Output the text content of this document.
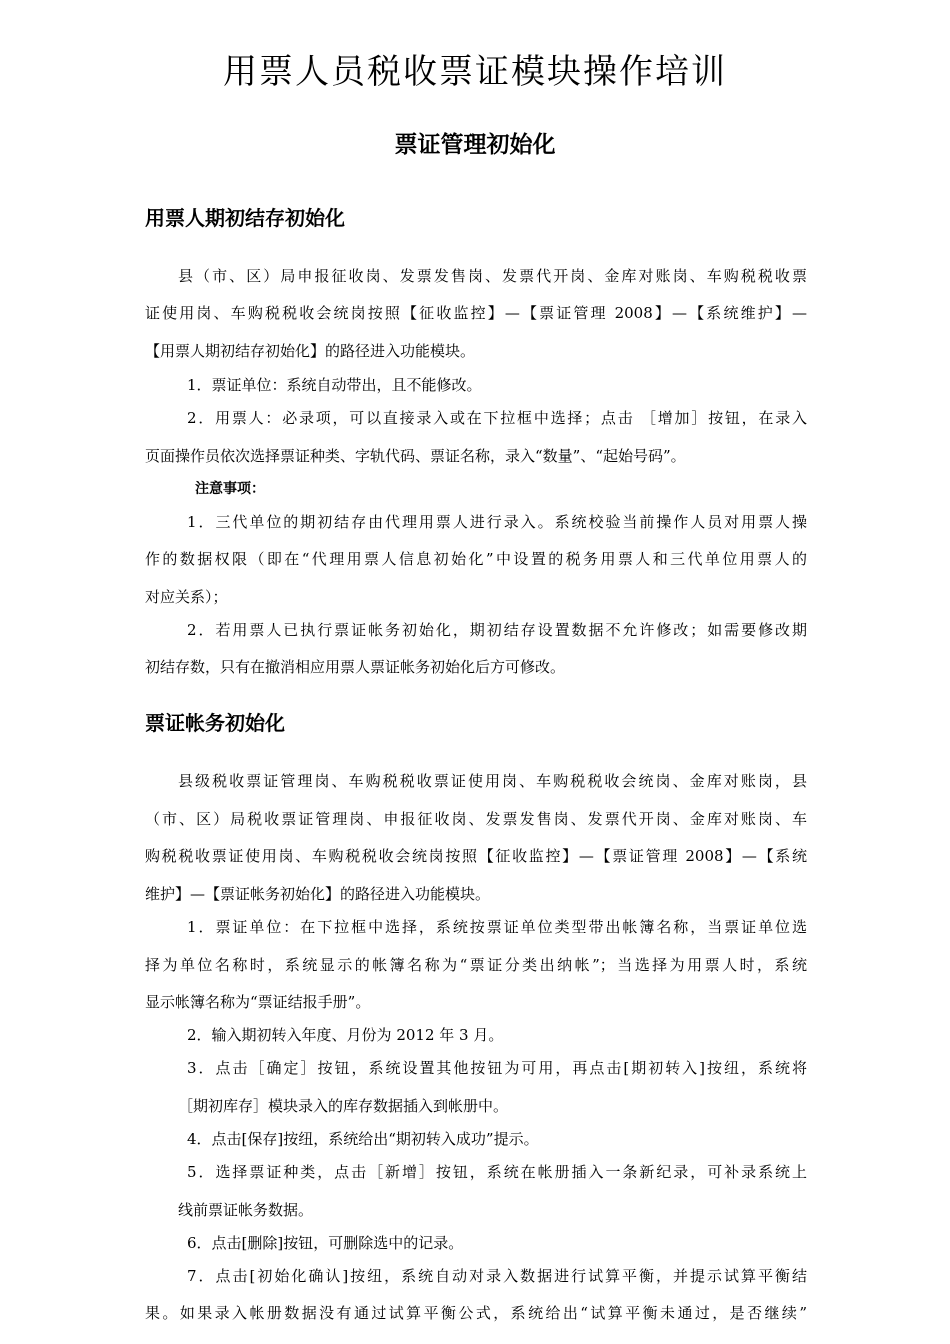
用票人员税收票证模块操作培训
票证管理初始化
用票人期初结存初始化
县（市、区）局申报征收岗、发票发售岗、发票代开岗、金库对账岗、车购税税收票
证使用岗、车购税税收会统岗按照【征收监控】—【票证管理 2008】—【系统维护】—
【用票人期初结存初始化】的路径进入功能模块。
1．票证单位：系统自动带出，且不能修改。
2．用票人：必录项，可以直接录入或在下拉框中选择；点击 ［增加］按钮，在录入
页面操作员依次选择票证种类、字轨代码、票证名称，录入“数量”、“起始号码”。
注意事项：
1．三代单位的期初结存由代理用票人进行录入。系统校验当前操作人员对用票人操
作的数据权限（即在“代理用票人信息初始化”中设置的税务用票人和三代单位用票人的
对应关系）；
2．若用票人已执行票证帐务初始化，期初结存设置数据不允许修改；如需要修改期
初结存数，只有在撤消相应用票人票证帐务初始化后方可修改。
票证帐务初始化
县级税收票证管理岗、车购税税收票证使用岗、车购税税收会统岗、金库对账岗，县
（市、区）局税收票证管理岗、申报征收岗、发票发售岗、发票代开岗、金库对账岗、车
购税税收票证使用岗、车购税税收会统岗按照【征收监控】—【票证管理 2008】—【系统
维护】—【票证帐务初始化】的路径进入功能模块。
1．票证单位：在下拉框中选择，系统按票证单位类型带出帐簿名称，当票证单位选
择为单位名称时，系统显示的帐簿名称为“票证分类出纳帐”；当选择为用票人时，系统
显示帐簿名称为“票证结报手册”。
2．输入期初转入年度、月份为 2012 年 3 月。
3．点击［确定］按钮，系统设置其他按钮为可用，再点击[期初转入]按纽，系统将
［期初库存］模块录入的库存数据插入到帐册中。
4．点击[保存]按纽，系统给出“期初转入成功”提示。
5．选择票证种类，点击［新增］按钮，系统在帐册插入一条新纪录，可补录系统上
线前票证帐务数据。
6．点击[删除]按钮，可删除选中的记录。
7．点击[初始化确认]按纽，系统自动对录入数据进行试算平衡，并提示试算平衡结
果。如果录入帐册数据没有通过试算平衡公式，系统给出“试算平衡未通过，是否继续”
